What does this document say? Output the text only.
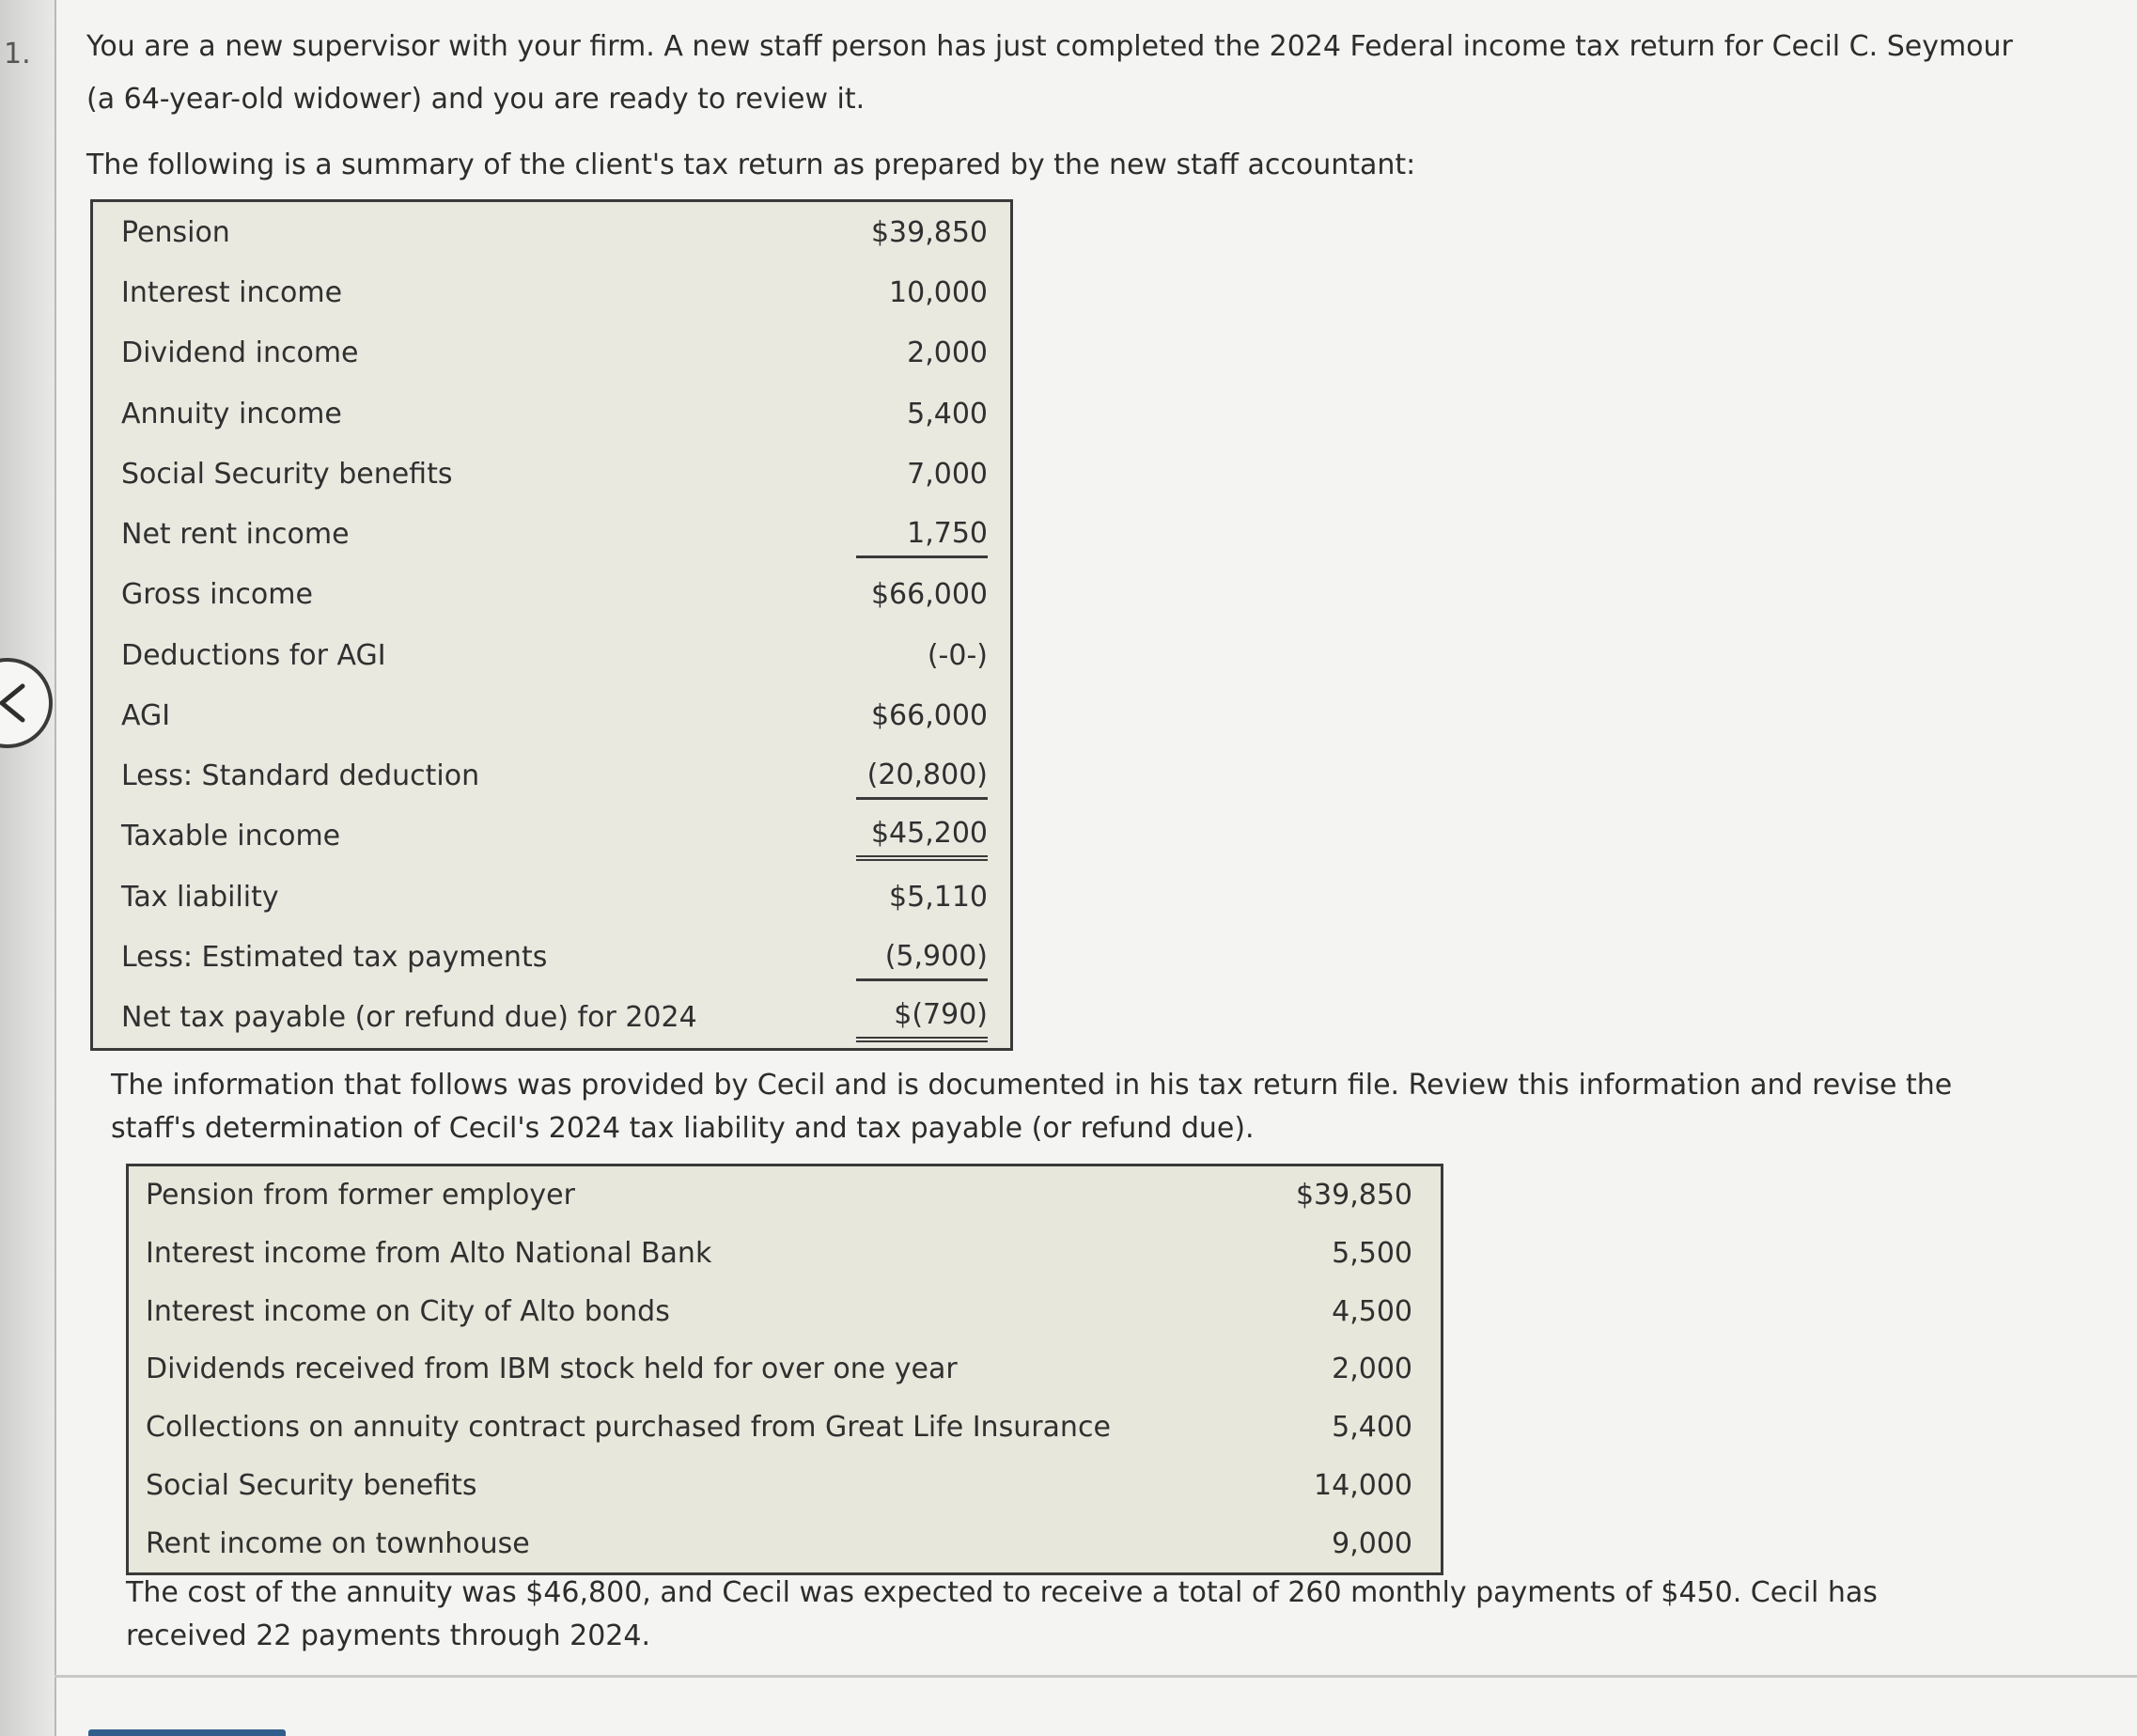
1. You are a new supervisor with your firm. A new staff person has just completed the 2024 Federal income tax return for Cecil C. Seymour (a 64-year-old widower) and you are ready to review it.
The following is a summary of the client's tax return as prepared by the new staff accountant:
Pension	$39,850
Interest income	10,000
Dividend income	2,000
Annuity income	5,400
Social Security benefits	7,000
Net rent income	1,750
Gross income	$66,000
Deductions for AGI	(-0-)
AGI	$66,000
Less: Standard deduction	(20,800)
Taxable income	$45,200
Tax liability	$5,110
Less: Estimated tax payments	(5,900)
Net tax payable (or refund due) for 2024	$(790)
The information that follows was provided by Cecil and is documented in his tax return file. Review this information and revise the staff's determination of Cecil's 2024 tax liability and tax payable (or refund due).
Pension from former employer	$39,850
Interest income from Alto National Bank	5,500
Interest income on City of Alto bonds	4,500
Dividends received from IBM stock held for over one year	2,000
Collections on annuity contract purchased from Great Life Insurance	5,400
Social Security benefits	14,000
Rent income on townhouse	9,000
The cost of the annuity was $46,800, and Cecil was expected to receive a total of 260 monthly payments of $450. Cecil has received 22 payments through 2024.
